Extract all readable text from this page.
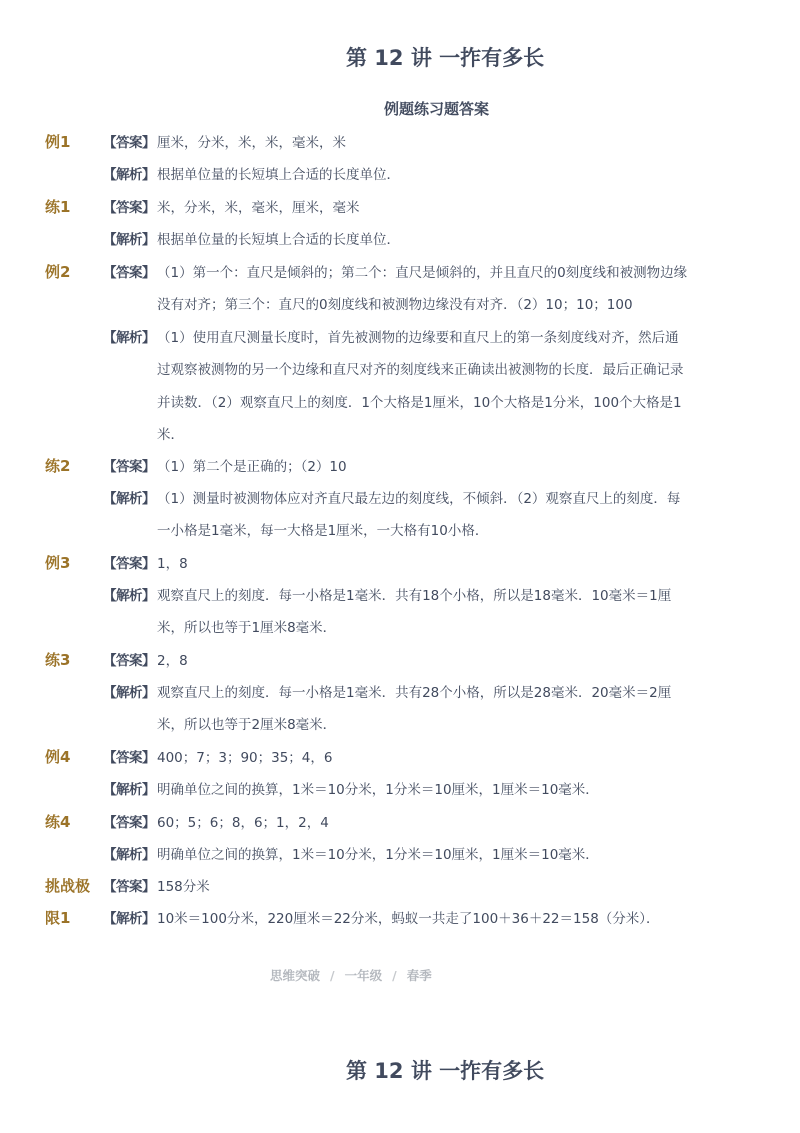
第 12 讲 一拃有多长
例题练习题答案
例1 【答案】 厘米，分米，米，米，毫米，米
【解析】 根据单位量的长短填上合适的长度单位．
练1 【答案】 米，分米，米，毫米，厘米，毫米
【解析】 根据单位量的长短填上合适的长度单位．
例2 【答案】 （1）第一个：直尺是倾斜的；第二个：直尺是倾斜的，并且直尺的0刻度线和被测物边缘
没有对齐；第三个：直尺的0刻度线和被测物边缘没有对齐．（2）10；10；100
【解析】 （1）使用直尺测量长度时，首先被测物的边缘要和直尺上的第一条刻度线对齐，然后通
过观察被测物的另一个边缘和直尺对齐的刻度线来正确读出被测物的长度．最后正确记录
并读数．（2）观察直尺上的刻度．1个大格是1厘米，10个大格是1分米，100个大格是1
米．
练2 【答案】 （1）第二个是正确的；（2）10
【解析】 （1）测量时被测物体应对齐直尺最左边的刻度线，不倾斜．（2）观察直尺上的刻度．每
一小格是1毫米，每一大格是1厘米，一大格有10小格．
例3 【答案】 1，8
【解析】 观察直尺上的刻度．每一小格是1毫米．共有18个小格，所以是18毫米．10毫米＝1厘
米，所以也等于1厘米8毫米．
练3 【答案】 2，8
【解析】 观察直尺上的刻度．每一小格是1毫米．共有28个小格，所以是28毫米．20毫米＝2厘
米，所以也等于2厘米8毫米．
例4 【答案】 400；7；3；90；35；4，6
【解析】 明确单位之间的换算，1米＝10分米，1分米＝10厘米，1厘米＝10毫米．
练4 【答案】 60；5；6；8，6；1，2，4
【解析】 明确单位之间的换算，1米＝10分米，1分米＝10厘米，1厘米＝10毫米．
挑战极 【答案】 158分米
限1 【解析】 10米＝100分米，220厘米＝22分米，蚂蚁一共走了100＋36＋22＝158（分米）．
思维突破 / 一年级 / 春季
第 12 讲 一拃有多长
